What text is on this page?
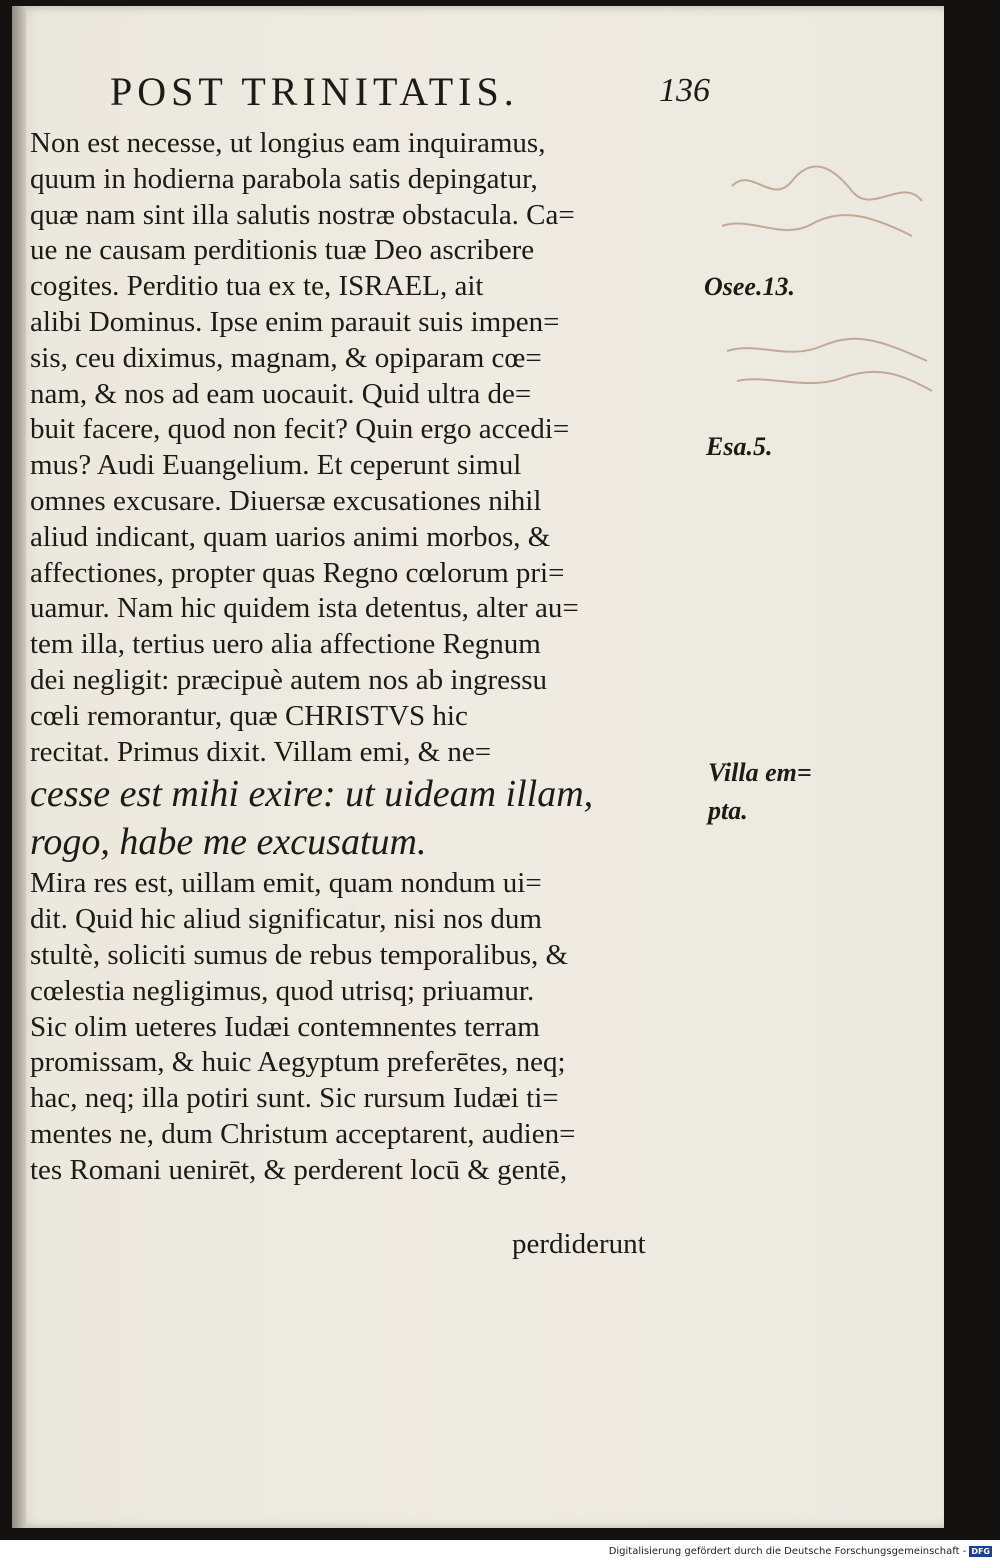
POST TRINITATIS.	136
Non est necesse, ut longius eam inquiramus,
quum in hodierna parabola satis depingatur,
quæ nam sint illa salutis nostræ obstacula. Ca=
ue ne causam perditionis tuæ Deo ascribere
cogites. Perditio tua ex te, ISRAEL, ait
alibi Dominus. Ipse enim parauit suis impen=
sis, ceu diximus, magnam, & opiparam cœ=
nam, & nos ad eam uocauit. Quid ultra de=
buit facere, quod non fecit? Quin ergo accedi=
mus? Audi Euangelium. Et ceperunt simul
omnes excusare. Diuersæ excusationes nihil
aliud indicant, quam uarios animi morbos, &
affectiones, propter quas Regno cœlorum pri=
uamur. Nam hic quidem ista detentus, alter au=
tem illa, tertius uero alia affectione Regnum
dei negligit: præcipuè autem nos ab ingressu
cœli remorantur, quæ CHRISTVS hic
recitat. Primus dixit. Villam emi, & ne=
cesse est mihi exire: ut uideam illam,
rogo, habe me excusatum.
Mira res est, uillam emit, quam nondum ui=
dit. Quid hic aliud significatur, nisi nos dum
stultè, soliciti sumus de rebus temporalibus, &
cœlestia negligimus, quod utrisq; priuamur.
Sic olim ueteres Iudæi contemnentes terram
promissam, & huic Aegyptum preferētes, neq;
hac, neq; illa potiri sunt. Sic rursum Iudæi ti=
mentes ne, dum Christum acceptarent, audien=
tes Romani uenirēt, & perderent locū & gentē,
perdiderunt
Osee.13.
Esa.5.
Villa em=
pta.
Digitalisierung gefördert durch die Deutsche Forschungsgemeinschaft - DFG
